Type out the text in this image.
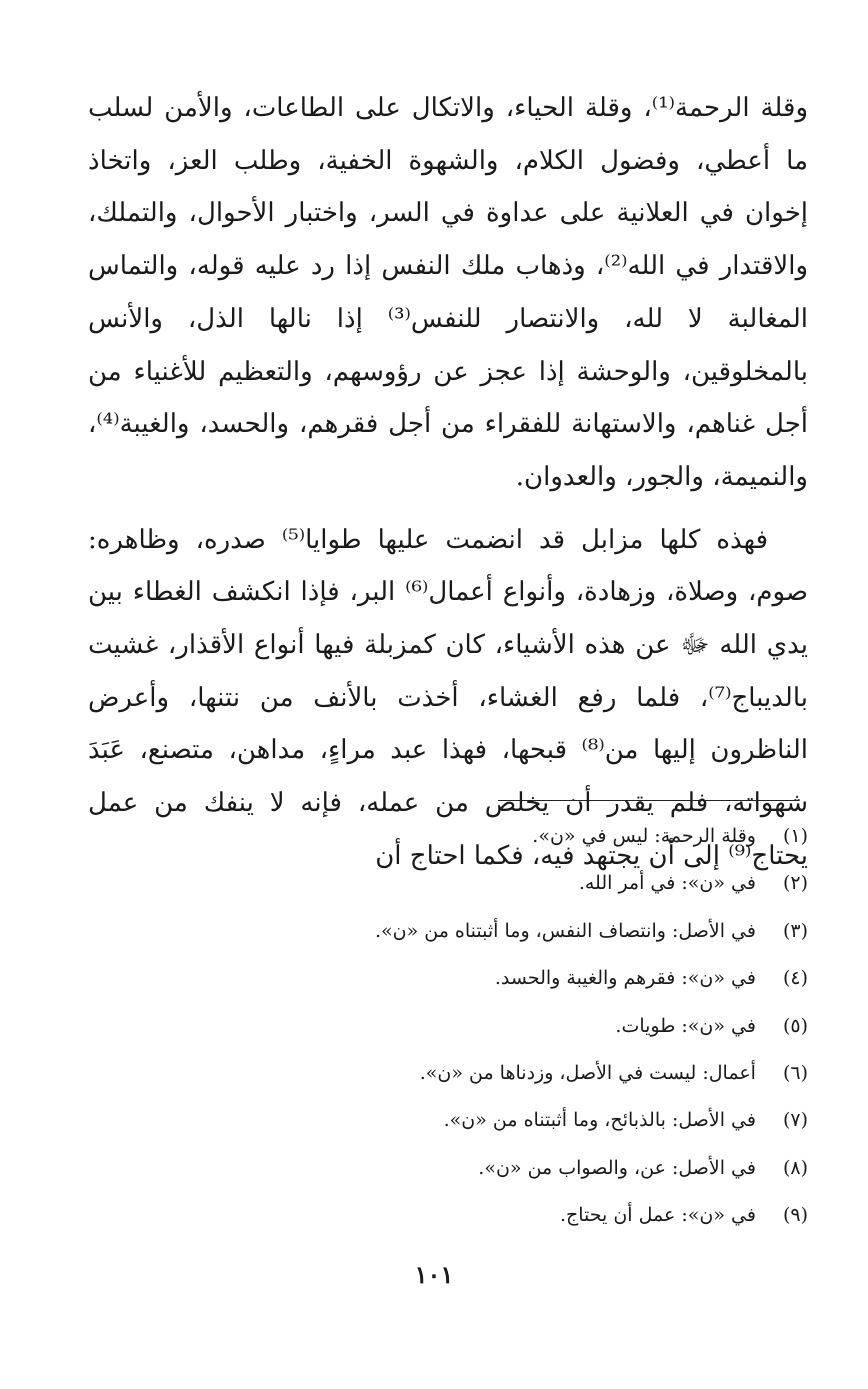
وقلة الرحمة⁽¹⁾، وقلة الحياء، والاتكال على الطاعات، والأمن لسلب ما أعطي، وفضول الكلام، والشهوة الخفية، وطلب العز، واتخاذ إخوان في العلانية على عداوة في السر، واختبار الأحوال، والتملك، والاقتدار في الله⁽²⁾، وذهاب ملك النفس إذا رد عليه قوله، والتماس المغالبة لا لله، والانتصار للنفس⁽³⁾ إذا نالها الذل، والأنس بالمخلوقين، والوحشة إذا عجز عن رؤوسهم، والتعظيم للأغنياء من أجل غناهم، والاستهانة للفقراء من أجل فقرهم، والحسد، والغيبة⁽⁴⁾، والنميمة، والجور، والعدوان.

فهذه كلها مزابل قد انضمت عليها طوايا⁽⁵⁾ صدره، وظاهره: صوم، وصلاة، وزهادة، وأنواع أعمال⁽⁶⁾ البر، فإذا انكشف الغطاء بين يدي الله ﷻ عن هذه الأشياء، كان كمزبلة فيها أنواع الأقذار، غشيت بالديباج⁽⁷⁾، فلما رفع الغشاء، أخذت بالأنف من نتنها، وأعرض الناظرون إليها من⁽⁸⁾ قبحها، فهذا عبد مراءٍ، مداهن، متصنع، عَبَدَ شهواته، فلم يقدر أن يخلص من عمله، فإنه لا ينفك من عمل يحتاج⁽⁹⁾ إلى أن يجتهد فيه، فكما احتاج أن

(١) وقلة الرحمة: ليس في «ن».
(٢) في «ن»: في أمر الله.
(٣) في الأصل: وانتصاف النفس، وما أثبتناه من «ن».
(٤) في «ن»: فقرهم والغيبة والحسد.
(٥) في «ن»: طويات.
(٦) أعمال: ليست في الأصل، وزدناها من «ن».
(٧) في الأصل: بالذبائح، وما أثبتناه من «ن».
(٨) في الأصل: عن، والصواب من «ن».
(٩) في «ن»: عمل أن يحتاج.
١٠١
